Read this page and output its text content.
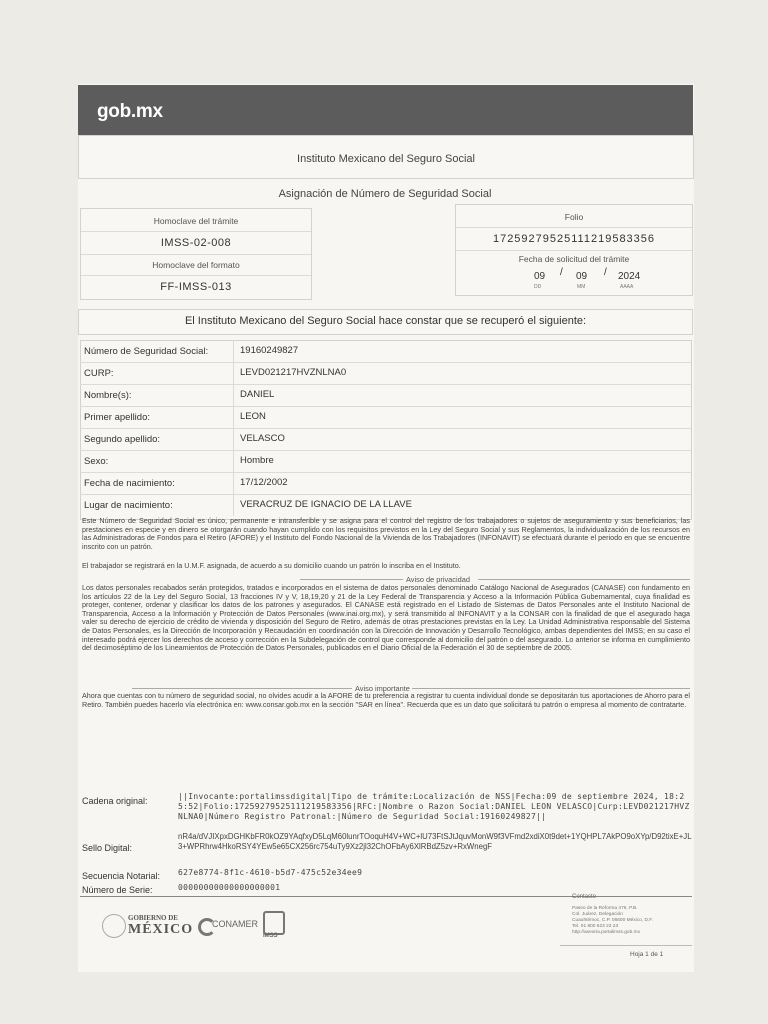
gob.mx
Instituto Mexicano del Seguro Social
Asignación de Número de Seguridad Social
Homoclave del trámite
IMSS-02-008
Homoclave del formato
FF-IMSS-013
Folio
1725927952511121958335​6
Fecha de solicitud del trámite
09 / 09 / 2024
DD	MM	AAAA
El Instituto Mexicano del Seguro Social hace constar que se recuperó el siguiente:
Número de Seguridad Social:	19160249827
CURP:	LEVD021217HVZNLNA0
Nombre(s):	DANIEL
Primer apellido:	LEON
Segundo apellido:	VELASCO
Sexo:	Hombre
Fecha de nacimiento:	17/12/2002
Lugar de nacimiento:	VERACRUZ DE IGNACIO DE LA LLAVE
Este Número de Seguridad Social es único, permanente e intransferible y se asigna para el control del registro de los trabajadores o sujetos de aseguramiento y sus beneficiarios, las prestaciones en especie y en dinero se otorgarán cuando hayan cumplido con los requisitos previstos en la Ley del Seguro Social y sus Reglamentos, la individualización de los recursos en las Administradoras de Fondos para el Retiro (AFORE) y el Instituto del Fondo Nacional de la Vivienda de los Trabajadores (INFONAVIT) se efectuará durante el periodo en que se encuentre inscrito con un patrón.
El trabajador se registrará en la U.M.F. asignada, de acuerdo a su domicilio cuando un patrón lo inscriba en el Instituto.
Aviso de privacidad
Los datos personales recabados serán protegidos, tratados e incorporados en el sistema de datos personales denominado Catálogo Nacional de Asegurados (CANASE) con fundamento en los artículos 22 de la Ley del Seguro Social, 13 fracciones IV y V, 18,19,20 y 21 de la Ley Federal de Transparencia y Acceso a la Información Pública Gubernamental, cuya finalidad es proteger, contener, ordenar y clasificar los datos de los patrones y asegurados. El CANASE está registrado en el Listado de Sistemas de Datos Personales ante el Instituto Nacional de Transparencia, Acceso a la Información y Protección de Datos Personales (www.inai.org.mx), y será transmitido al INFONAVIT y a la CONSAR con la finalidad de que el asegurado haga valer su derecho de ejercicio de crédito de vivienda y disposición del Seguro de Retiro, además de otras prestaciones previstas en la Ley. La Unidad Administrativa responsable del Sistema de Datos Personales, es la Dirección de Incorporación y Recaudación en coordinación con la Dirección de Innovación y Desarrollo Tecnológico, ambas dependientes del IMSS; en su caso el interesado podrá ejercer los derechos de acceso y corrección en la Subdelegación de control que corresponde al domicilio del patrón o del asegurado. Lo anterior se informa en cumplimiento del decimoséptimo de los Lineamientos de Protección de Datos Personales, publicados en el Diario Oficial de la Federación el 30 de septiembre de 2005.
Aviso importante
Ahora que cuentas con tu número de seguridad social, no olvides acudir a la AFORE de tu preferencia a registrar tu cuenta individual donde se depositarán tus aportaciones de Ahorro para el Retiro. También puedes hacerlo vía electrónica en: www.consar.gob.mx en la sección "SAR en línea". Recuerda que es un dato que solicitará tu patrón o empresa al momento de contratarte.
Cadena original:	||Invocante:portalimssdigital|Tipo de trámite:Localización de NSS|Fecha:09 de septiembre 2024, 18:25:52|Folio:17259279525111219583356|RFC:|Nombre o Razon Social:DANIEL LEON VELASCO|Curp:LEVD021217HVZNLNA0|Número Registro Patronal:|Número de Seguridad Social:19160249827||
Sello Digital:
nR4a/dVJIXpxDGHKbFR0kOZ9YAqfxyD5LqM60lunrTOoquH4V+WC+lU73FtSJtJquvMonW9f3VFmd2xdiX0t9det+1YQHPL7AkPO9oXYp/D92tixE+JL3+WPRhrw4HkoRSY4YEw5e65CX256rc754uTy9Xz2jl32ChOFbAy6XlRBdZ5zv+RxWnegF
Secuencia Notarial: 627e8774-8f1c-4610-b5d7-475c52e34ee9
Número de Serie:	00000000000000000001
GOBIERNO DE
MÉXICO CONAMER
IMSS
Contacto
Paseo de la Reforma 476, P.B.
Col. Juárez, Delegación
Cuauhtémoc, C.P. 06600 México, D.F.
Tel. 01 800 623 23 23
http://aseoria.portalimss.gob.mx
Hoja 1 de 1
